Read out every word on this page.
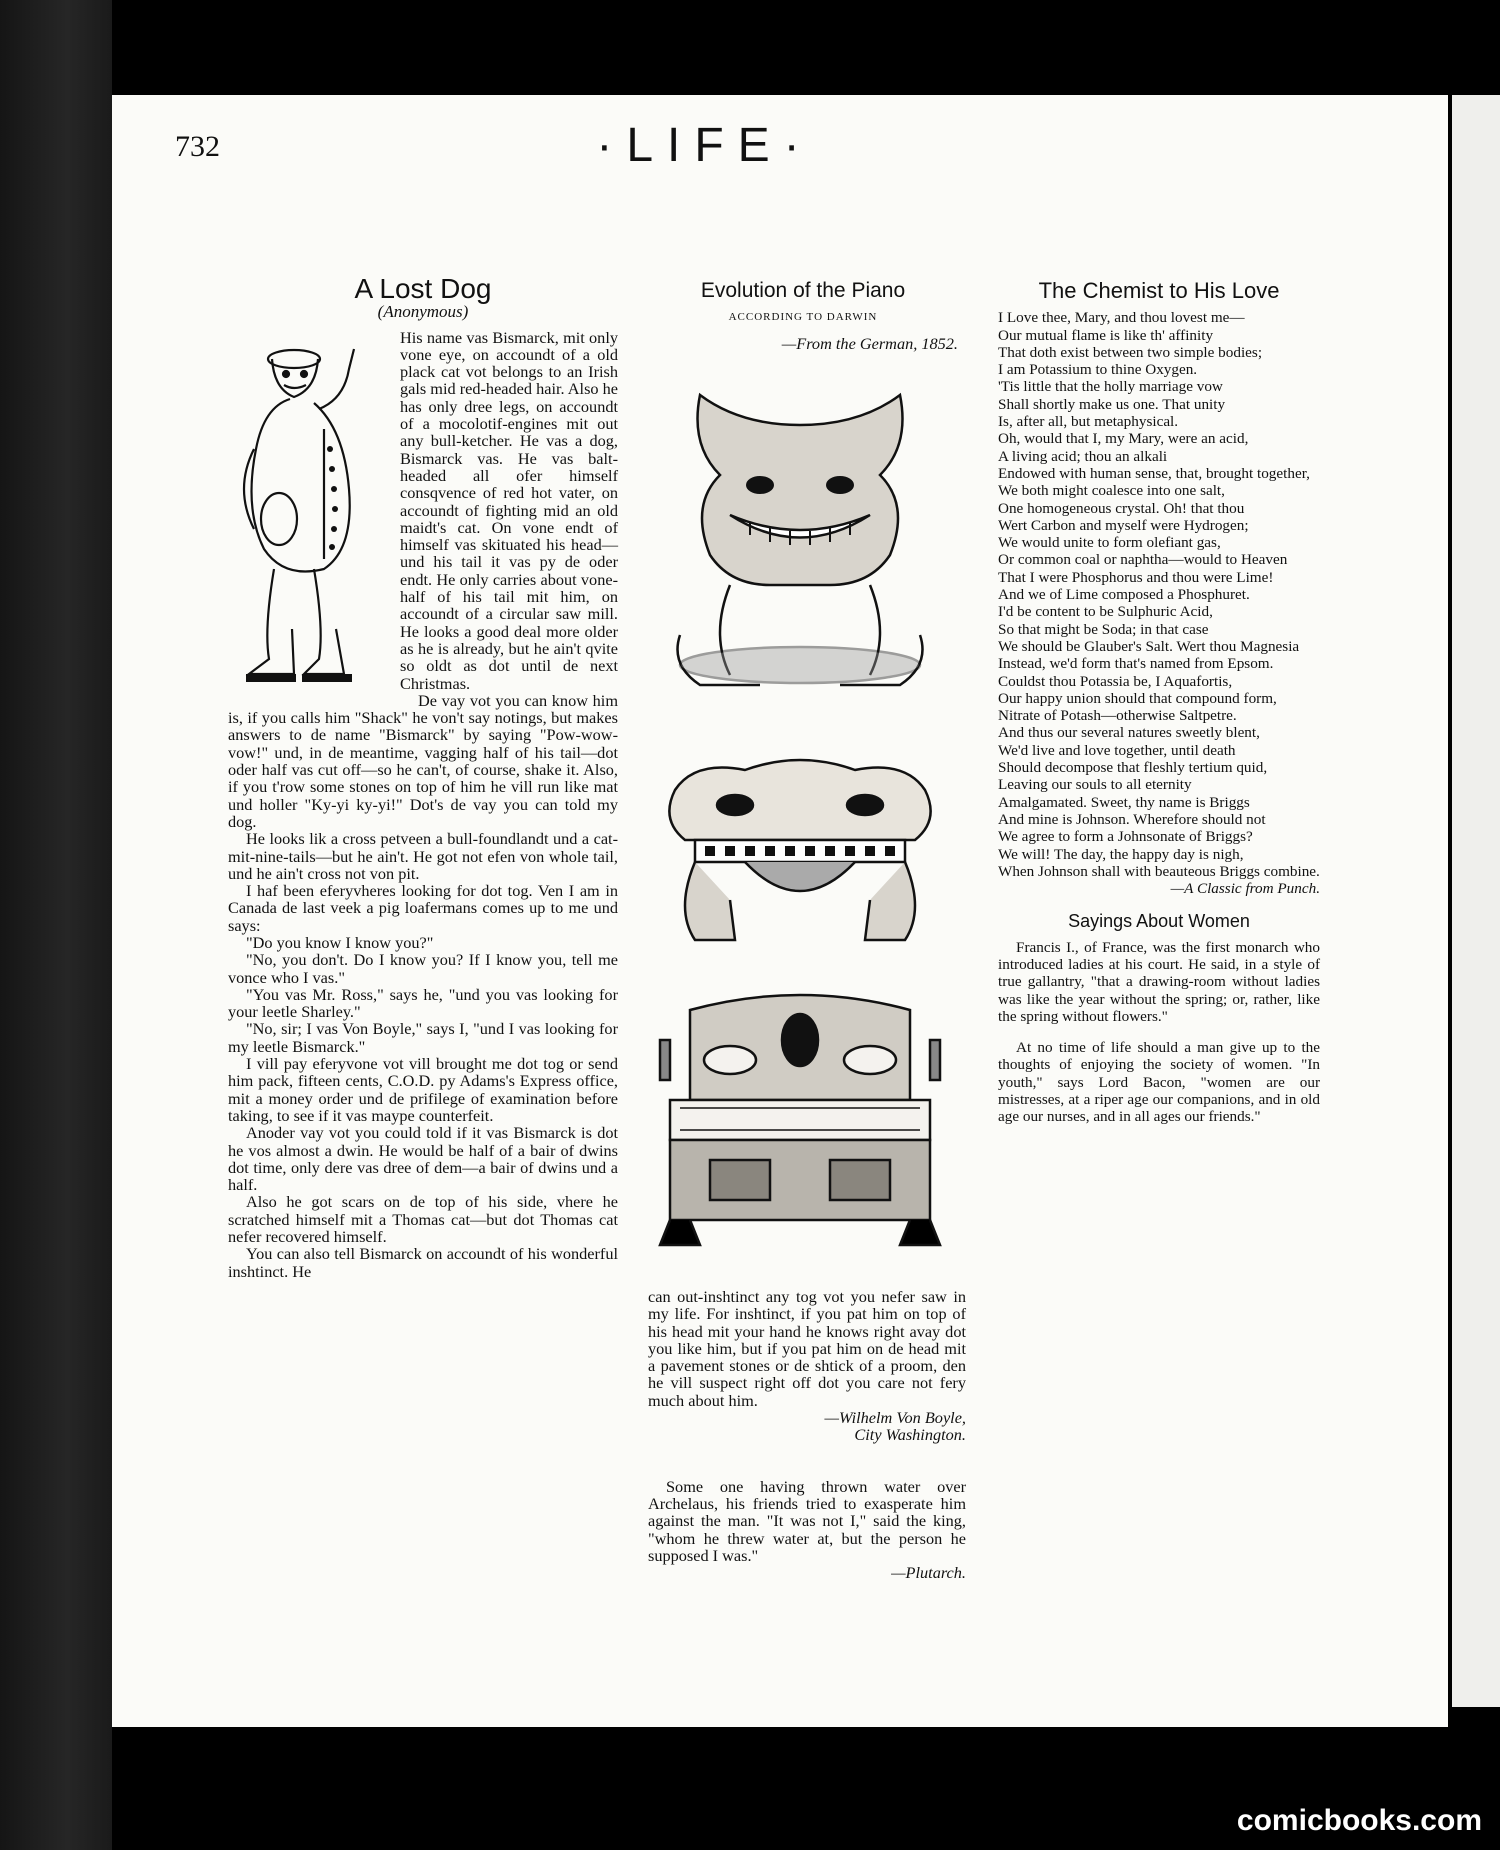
732	·LIFE·
A Lost Dog
(Anonymous)

His name vas Bismarck, mit only vone eye, on accoundt of a old plack cat vot belongs to an Irish gals mid red-headed hair. Also he has only dree legs, on accoundt of a mocolotif-engines mit out any bull-ketcher. He vas a dog, Bismarck vas. He vas balt-headed all ofer himself consqvence of red hot vater, on accoundt of fighting mid an old maidt's cat. On vone endt of himself vas skituated his head—und his tail it vas py de oder endt. He only carries about vone-half of his tail mit him, on accoundt of a circular saw mill. He looks a good deal more older as he is already, but he ain't qvite so oldt as dot until de next Christmas.

De vay vot you can know him is, if you calls him "Shack" he von't say notings, but makes answers to de name "Bismarck" by saying "Pow-wow-vow!" und, in de meantime, vagging half of his tail—dot oder half vas cut off—so he can't, of course, shake it. Also, if you t'row some stones on top of him he vill run like mat und holler "Ky-yi ky-yi!" Dot's de vay you can told my dog.

He looks lik a cross petveen a bull-foundlandt und a cat-mit-nine-tails—but he ain't. He got not efen von whole tail, und he ain't cross not von pit.

I haf been eferyvheres looking for dot tog. Ven I am in Canada de last veek a pig loafermans comes up to me und says:

"Do you know I know you?"

"No, you don't. Do I know you? If I know you, tell me vonce who I vas."

"You vas Mr. Ross," says he, "und you vas looking for your leetle Sharley."

"No, sir; I vas Von Boyle," says I, "und I vas looking for my leetle Bismarck."

I vill pay eferyvone vot vill brought me dot tog or send him pack, fifteen cents, C.O.D. py Adams's Express office, mit a money order und de prifilege of examination before taking, to see if it vas maype counterfeit.

Anoder vay vot you could told if it vas Bismarck is dot he vos almost a dwin. He would be half of a bair of dwins dot time, only dere vas dree of dem—a bair of dwins und a half.

Also he got scars on de top of his side, vhere he scratched himself mit a Thomas cat—but dot Thomas cat nefer recovered himself.

You can also tell Bismarck on accoundt of his wonderful inshtinct. He

Evolution of the Piano
ACCORDING TO DARWIN
—From the German, 1852.

can out-inshtinct any tog vot you nefer saw in my life. For inshtinct, if you pat him on top of his head mit your hand he knows right avay dot you like him, but if you pat him on de head mit a pavement stones or de shtick of a proom, den he vill suspect right off dot you care not fery much about him.

—Wilhelm Von Boyle,
City Washington.

Some one having thrown water over Archelaus, his friends tried to exasperate him against the man. "It was not I," said the king, "whom he threw water at, but the person he supposed I was."

—Plutarch.
The Chemist to His Love
I Love thee, Mary, and thou lovest me—
Our mutual flame is like th' affinity
That doth exist between two simple bodies;
I am Potassium to thine Oxygen.
'Tis little that the holly marriage vow
Shall shortly make us one. That unity
Is, after all, but metaphysical.
Oh, would that I, my Mary, were an acid,
A living acid; thou an alkali
Endowed with human sense, that, brought together,
We both might coalesce into one salt,
One homogeneous crystal. Oh! that thou
Wert Carbon and myself were Hydrogen;
We would unite to form olefiant gas,
Or common coal or naphtha—would to Heaven
That I were Phosphorus and thou were Lime!
And we of Lime composed a Phosphuret.
I'd be content to be Sulphuric Acid,
So that might be Soda; in that case
We should be Glauber's Salt. Wert thou Magnesia
Instead, we'd form that's named from Epsom.
Couldst thou Potassia be, I Aquafortis,
Our happy union should that compound form,
Nitrate of Potash—otherwise Saltpetre.
And thus our several natures sweetly blent,
We'd live and love together, until death
Should decompose that fleshly tertium quid,
Leaving our souls to all eternity
Amalgamated. Sweet, thy name is Briggs
And mine is Johnson. Wherefore should not
We agree to form a Johnsonate of Briggs?
We will! The day, the happy day is nigh,
When Johnson shall with beauteous Briggs combine.
—A Classic from Punch.
Sayings About Women

Francis I., of France, was the first monarch who introduced ladies at his court. He said, in a style of true gallantry, "that a drawing-room without ladies was like the year without the spring; or, rather, like the spring without flowers."

At no time of life should a man give up to the thoughts of enjoying the society of women. "In youth," says Lord Bacon, "women are our mistresses, at a riper age our companions, and in old age our nurses, and in all ages our friends."

comicbooks.com
